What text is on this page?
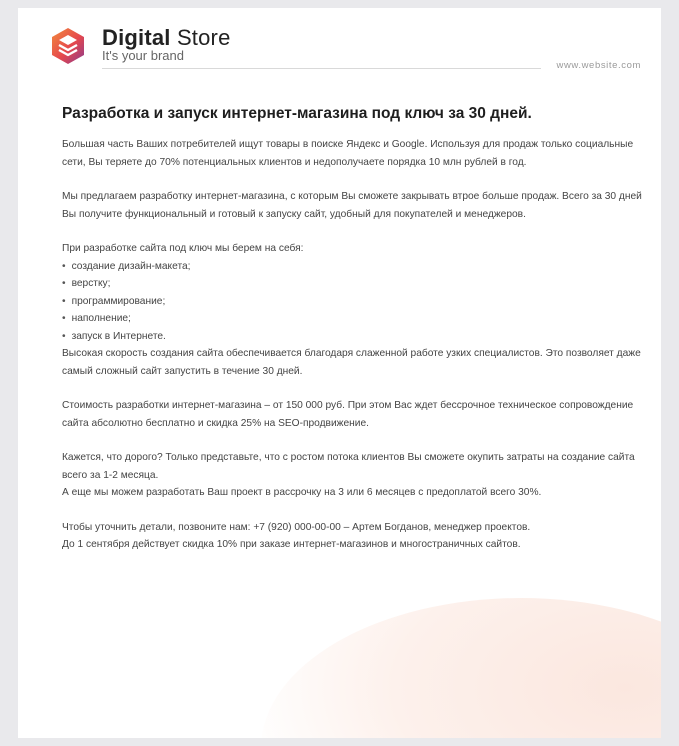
Digital Store
It's your brand
www.website.com
Разработка и запуск интернет-магазина под ключ за 30 дней.

Большая часть Ваших потребителей ищут товары в поиске Яндекс и Google. Используя для продаж только социальные сети, Вы теряете до 70% потенциальных клиентов и недополучаете порядка 10 млн рублей в год.

Мы предлагаем разработку интернет-магазина, с которым Вы сможете закрывать втрое больше продаж. Всего за 30 дней Вы получите функциональный и готовый к запуску сайт, удобный для покупателей и менеджеров.

При разработке сайта под ключ мы берем на себя:

• создание дизайн-макета;
• верстку;
• программирование;
• наполнение;
• запуск в Интернете.

Высокая скорость создания сайта обеспечивается благодаря слаженной работе узких специалистов. Это позволяет даже самый сложный сайт запустить в течение 30 дней.

Стоимость разработки интернет-магазина – от 150 000 руб. При этом Вас ждет бессрочное техническое сопровождение сайта абсолютно бесплатно и скидка 25% на SEO-продвижение.

Кажется, что дорого? Только представьте, что с ростом потока клиентов Вы сможете окупить затраты на создание сайта всего за 1-2 месяца.

А еще мы можем разработать Ваш проект в рассрочку на 3 или 6 месяцев с предоплатой всего 30%.

Чтобы уточнить детали, позвоните нам: +7 (920) 000-00-00 – Артем Богданов, менеджер проектов.

До 1 сентября действует скидка 10% при заказе интернет-магазинов и многостраничных сайтов.
